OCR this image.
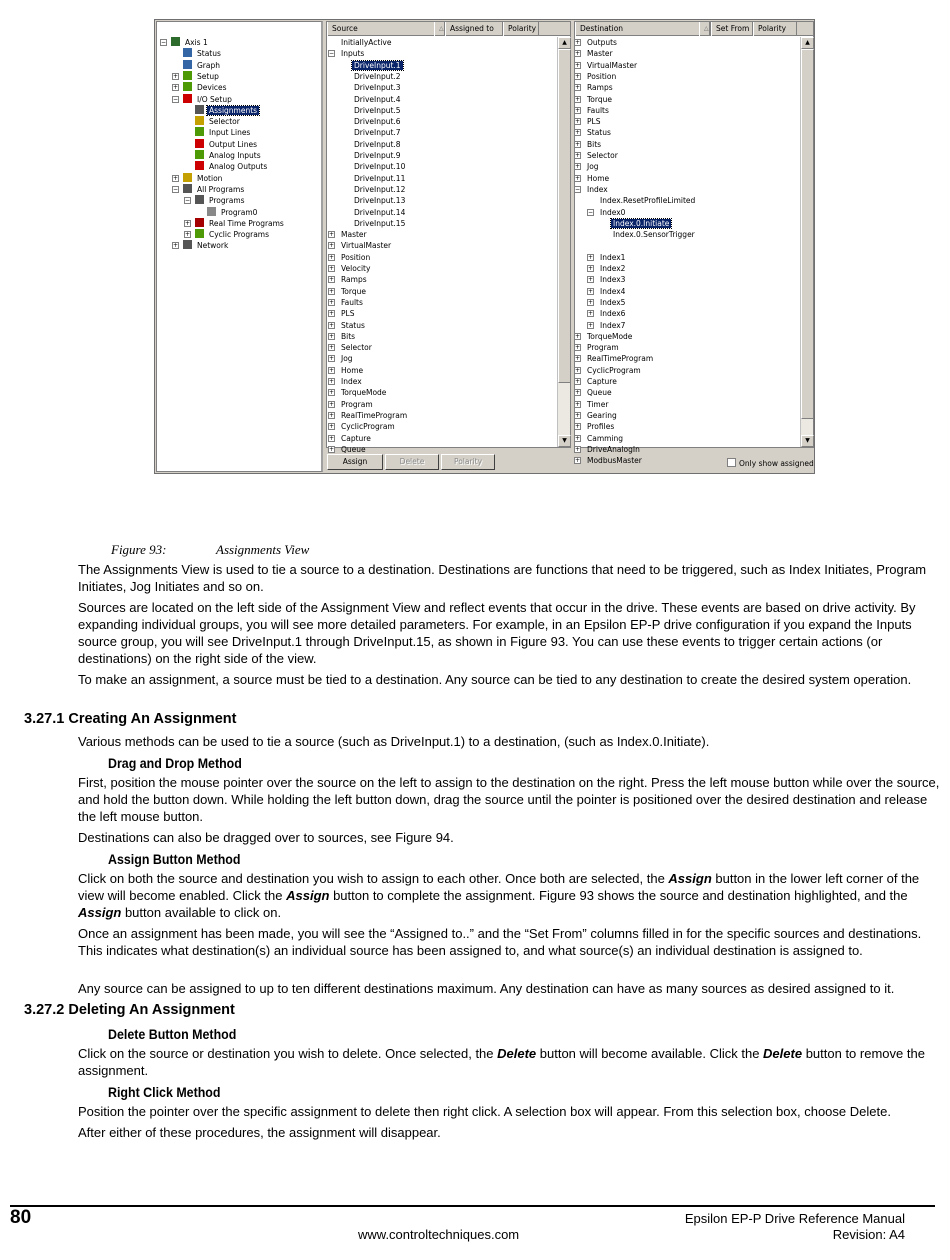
−	Axis 1
Status
Graph
+	Setup
+	Devices
−	I/O Setup
Assignments
Selector
Input Lines
Output Lines
Analog Inputs
Analog Outputs
+	Motion
−	All Programs
−	Programs
Program0
+	Real Time Programs
+	Cyclic Programs
+	Network
Source	△ Assigned to	Polarity
InitiallyActive
− Inputs
DriveInput.1
DriveInput.2
DriveInput.3
DriveInput.4
DriveInput.5
DriveInput.6
DriveInput.7
DriveInput.8
DriveInput.9
DriveInput.10
DriveInput.11
DriveInput.12
DriveInput.13
DriveInput.14
DriveInput.15
+ Master
+ VirtualMaster
+ Position
+ Velocity
+ Ramps
+ Torque
+ Faults
+ PLS
+ Status
+ Bits
+ Selector
+ Jog
+ Home
+ Index
+ TorqueMode
+ Program
+ RealTimeProgram
+ CyclicProgram
+ Capture
+ Queue
▲
▼
Destination	△ Set From	Polarity
+ Outputs
+ Master
+ VirtualMaster
+ Position
+ Ramps
+ Torque
+ Faults
+ PLS
+ Status
+ Bits
+ Selector
+ Jog
+ Home
− Index
Index.ResetProfileLimited
− Index0
Index.0.Initiate
Index.0.SensorTrigger
+ Index1
+ Index2
+ Index3
+ Index4
+ Index5
+ Index6
+ Index7
+ TorqueMode
+ Program
+ RealTimeProgram
+ CyclicProgram
+ Capture
+ Queue
+ Timer
+ Gearing
+ Profiles
+ Camming
+ DriveAnalogIn
+ ModbusMaster
▲
▼
Assign	Delete	Polarity	Only show assigned
Figure 93:	Assignments View
The Assignments View is used to tie a source to a destination. Destinations are functions that need to be triggered, such as Index Initiates, Program Initiates, Jog Initiates and so on.
Sources are located on the left side of the Assignment View and reflect events that occur in the drive. These events are based on drive activity. By expanding individual groups, you will see more detailed parameters. For example, in an Epsilon EP-P drive configuration if you expand the Inputs source group, you will see DriveInput.1 through DriveInput.15, as shown in Figure 93. You can use these events to trigger certain actions (or destinations) on the right side of the view.
To make an assignment, a source must be tied to a destination. Any source can be tied to any destination to create the desired system operation.
3.27.1 Creating An Assignment
Various methods can be used to tie a source (such as DriveInput.1) to a destination, (such as Index.0.Initiate).
Drag and Drop Method
First, position the mouse pointer over the source on the left to assign to the destination on the right. Press the left mouse button while over the source, and hold the button down. While holding the left button down, drag the source until the pointer is positioned over the desired destination and release the left mouse button.
Destinations can also be dragged over to sources, see Figure 94.
Assign Button Method
Click on both the source and destination you wish to assign to each other. Once both are selected, the Assign button in the lower left corner of the view will become enabled. Click the Assign button to complete the assignment. Figure 93 shows the source and destination highlighted, and the Assign button available to click on.
Once an assignment has been made, you will see the “Assigned to..” and the “Set From” columns filled in for the specific sources and destinations. This indicates what destination(s) an individual source has been assigned to, and what source(s) an individual destination is assigned to.
Any source can be assigned to up to ten different destinations maximum. Any destination can have as many sources as desired assigned to it.
3.27.2 Deleting An Assignment
Delete Button Method
Click on the source or destination you wish to delete. Once selected, the Delete button will become available. Click the Delete button to remove the assignment.
Right Click Method
Position the pointer over the specific assignment to delete then right click. A selection box will appear. From this selection box, choose Delete.
After either of these procedures, the assignment will disappear.
80	Epsilon EP-P Drive Reference Manual
www.controltechniques.com	Revision: A4
